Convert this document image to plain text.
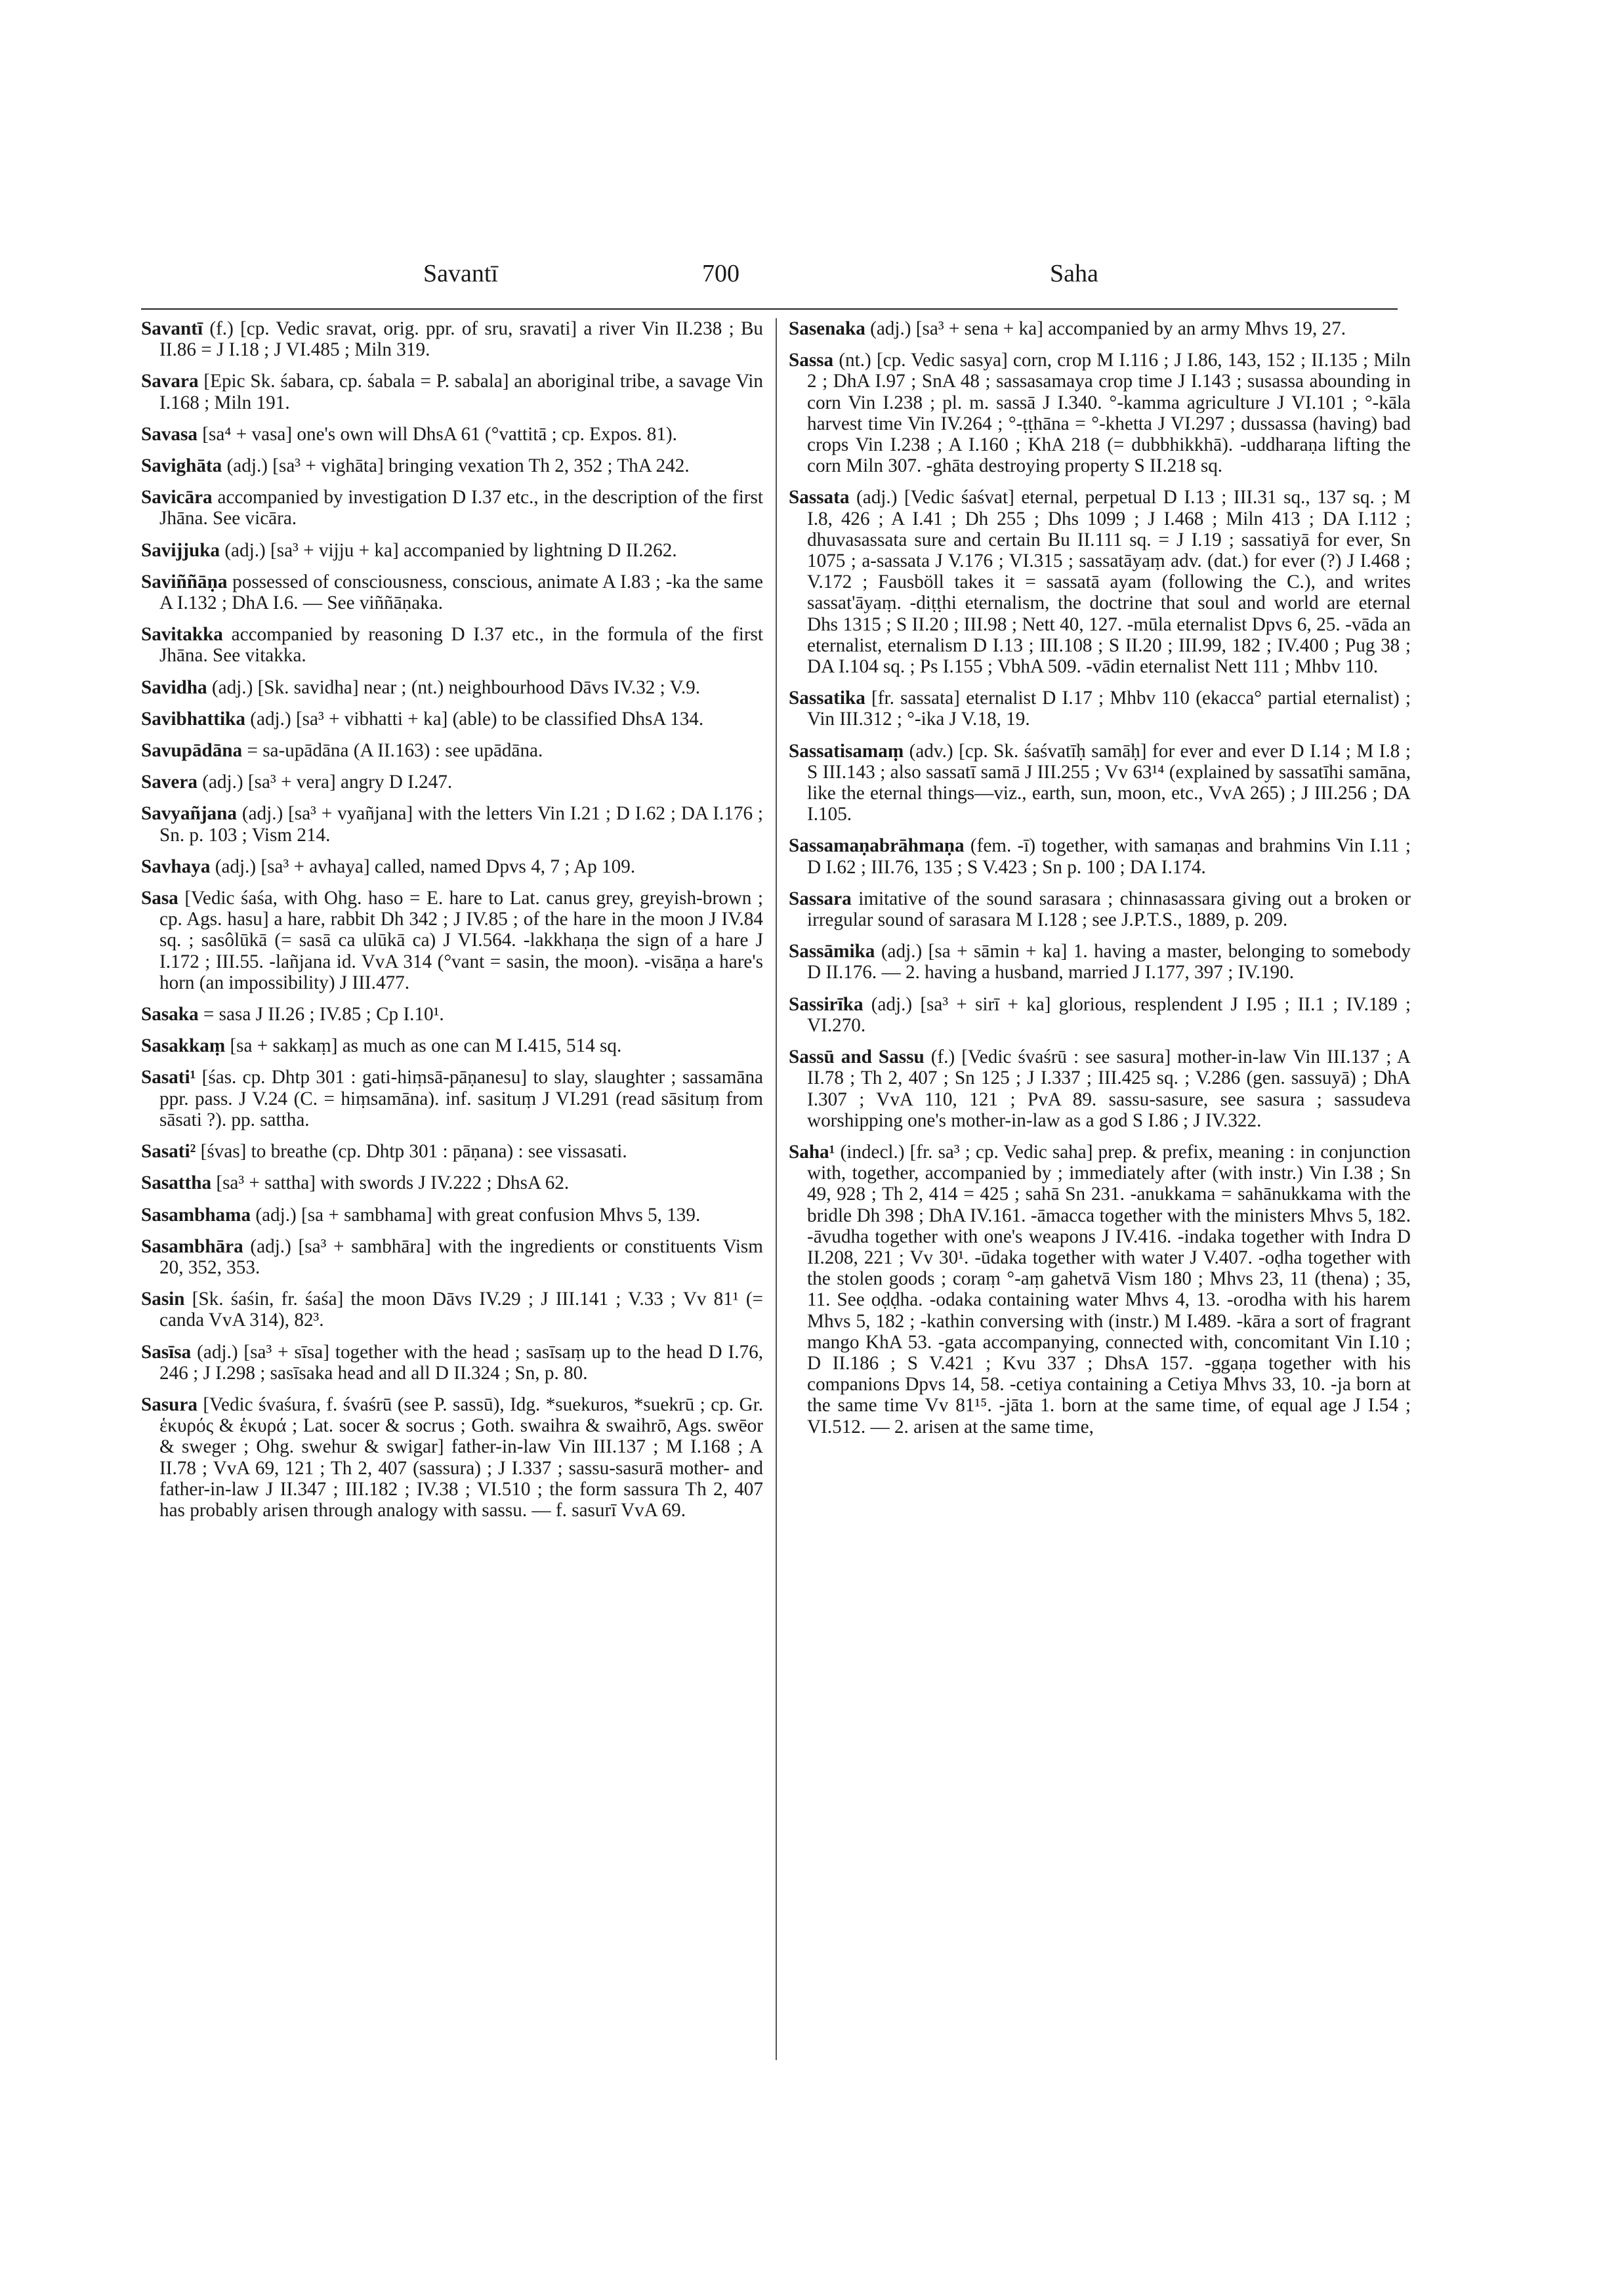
Savantī	700	Saha

Savantī (f.) [cp. Vedic sravat, orig. ppr. of sru, sravati] a river Vin II.238 ; Bu II.86 = J I.18 ; J VI.485 ; Miln 319.

Savara [Epic Sk. śabara, cp. śabala = P. sabala] an aboriginal tribe, a savage Vin I.168 ; Miln 191.

Savasa [sa⁴ + vasa] one's own will DhsA 61 (°vattitā ; cp. Expos. 81).

Savighāta (adj.) [sa³ + vighāta] bringing vexation Th 2, 352 ; ThA 242.

Savicāra accompanied by investigation D I.37 etc., in the description of the first Jhāna. See vicāra.

Savijjuka (adj.) [sa³ + vijju + ka] accompanied by lightning D II.262.

Saviññāṇa possessed of consciousness, conscious, animate A I.83 ; -ka the same A I.132 ; DhA I.6. — See viññāṇaka.

Savitakka accompanied by reasoning D I.37 etc., in the formula of the first Jhāna. See vitakka.

Savidha (adj.) [Sk. savidha] near ; (nt.) neighbourhood Dāvs IV.32 ; V.9.

Savibhattika (adj.) [sa³ + vibhatti + ka] (able) to be classified DhsA 134.

Savupādāna = sa-upādāna (A II.163) : see upādāna.

Savera (adj.) [sa³ + vera] angry D I.247.

Savyañjana (adj.) [sa³ + vyañjana] with the letters Vin I.21 ; D I.62 ; DA I.176 ; Sn. p. 103 ; Vism 214.

Savhaya (adj.) [sa³ + avhaya] called, named Dpvs 4, 7 ; Ap 109.

Sasa [Vedic śaśa, with Ohg. haso = E. hare to Lat. canus grey, greyish-brown ; cp. Ags. hasu] a hare, rabbit Dh 342 ; J IV.85 ; of the hare in the moon J IV.84 sq. ; sasôlūkā (= sasā ca ulūkā ca) J VI.564. -lakkhaṇa the sign of a hare J I.172 ; III.55. -lañjana id. VvA 314 (°vant = sasin, the moon). -visāṇa a hare's horn (an impossibility) J III.477.

Sasaka = sasa J II.26 ; IV.85 ; Cp I.10¹.

Sasakkaṃ [sa + sakkaṃ] as much as one can M I.415, 514 sq.

Sasati¹ [śas. cp. Dhtp 301 : gati-hiṃsā-pāṇanesu] to slay, slaughter ; sassamāna ppr. pass. J V.24 (C. = hiṃsamāna). inf. sasituṃ J VI.291 (read sāsituṃ from sāsati ?). pp. sattha.

Sasati² [śvas] to breathe (cp. Dhtp 301 : pāṇana) : see vissasati.

Sasattha [sa³ + sattha] with swords J IV.222 ; DhsA 62.

Sasambhama (adj.) [sa + sambhama] with great confusion Mhvs 5, 139.

Sasambhāra (adj.) [sa³ + sambhāra] with the ingredients or constituents Vism 20, 352, 353.

Sasin [Sk. śaśin, fr. śaśa] the moon Dāvs IV.29 ; J III.141 ; V.33 ; Vv 81¹ (= canda VvA 314), 82³.

Sasīsa (adj.) [sa³ + sīsa] together with the head ; sasīsaṃ up to the head D I.76, 246 ; J I.298 ; sasīsaka head and all D II.324 ; Sn, p. 80.

Sasura [Vedic śvaśura, f. śvaśrū (see P. sassū), Idg. *suekuros, *suekrū ; cp. Gr. ἑκυρός & ἑκυρά ; Lat. socer & socrus ; Goth. swaihra & swaihrō, Ags. swēor & sweger ; Ohg. swehur & swigar] father-in-law Vin III.137 ; M I.168 ; A II.78 ; VvA 69, 121 ; Th 2, 407 (sassura) ; J I.337 ; sassu-sasurā mother- and father-in-law J II.347 ; III.182 ; IV.38 ; VI.510 ; the form sassura Th 2, 407 has probably arisen through analogy with sassu. — f. sasurī VvA 69.

Sasenaka (adj.) [sa³ + sena + ka] accompanied by an army Mhvs 19, 27.

Sassa (nt.) [cp. Vedic sasya] corn, crop M I.116 ; J I.86, 143, 152 ; II.135 ; Miln 2 ; DhA I.97 ; SnA 48 ; sassasamaya crop time J I.143 ; susassa abounding in corn Vin I.238 ; pl. m. sassā J I.340. °-kamma agriculture J VI.101 ; °-kāla harvest time Vin IV.264 ; °-ṭṭhāna = °-khetta J VI.297 ; dussassa (having) bad crops Vin I.238 ; A I.160 ; KhA 218 (= dubbhikkhā). -uddharaṇa lifting the corn Miln 307. -ghāta destroying property S II.218 sq.

Sassata (adj.) [Vedic śaśvat] eternal, perpetual D I.13 ; III.31 sq., 137 sq. ; M I.8, 426 ; A I.41 ; Dh 255 ; Dhs 1099 ; J I.468 ; Miln 413 ; DA I.112 ; dhuvasassata sure and certain Bu II.111 sq. = J I.19 ; sassatiyā for ever, Sn 1075 ; a-sassata J V.176 ; VI.315 ; sassatāyaṃ adv. (dat.) for ever (?) J I.468 ; V.172 ; Fausböll takes it = sassatā ayam (following the C.), and writes sassat'āyaṃ. -diṭṭhi eternalism, the doctrine that soul and world are eternal Dhs 1315 ; S II.20 ; III.98 ; Nett 40, 127. -mūla eternalist Dpvs 6, 25. -vāda an eternalist, eternalism D I.13 ; III.108 ; S II.20 ; III.99, 182 ; IV.400 ; Pug 38 ; DA I.104 sq. ; Ps I.155 ; VbhA 509. -vādin eternalist Nett 111 ; Mhbv 110.

Sassatika [fr. sassata] eternalist D I.17 ; Mhbv 110 (ekacca° partial eternalist) ; Vin III.312 ; °-ika J V.18, 19.

Sassatisamaṃ (adv.) [cp. Sk. śaśvatīḥ samāḥ] for ever and ever D I.14 ; M I.8 ; S III.143 ; also sassatī samā J III.255 ; Vv 63¹⁴ (explained by sassatīhi samāna, like the eternal things—viz., earth, sun, moon, etc., VvA 265) ; J III.256 ; DA I.105.

Sassamaṇabrāhmaṇa (fem. -ī) together, with samaṇas and brahmins Vin I.11 ; D I.62 ; III.76, 135 ; S V.423 ; Sn p. 100 ; DA I.174.

Sassara imitative of the sound sarasara ; chinnasassara giving out a broken or irregular sound of sarasara M I.128 ; see J.P.T.S., 1889, p. 209.

Sassāmika (adj.) [sa + sāmin + ka] 1. having a master, belonging to somebody D II.176. — 2. having a husband, married J I.177, 397 ; IV.190.

Sassirīka (adj.) [sa³ + sirī + ka] glorious, resplendent J I.95 ; II.1 ; IV.189 ; VI.270.

Sassū and Sassu (f.) [Vedic śvaśrū : see sasura] mother-in-law Vin III.137 ; A II.78 ; Th 2, 407 ; Sn 125 ; J I.337 ; III.425 sq. ; V.286 (gen. sassuyā) ; DhA I.307 ; VvA 110, 121 ; PvA 89. sassu-sasure, see sasura ; sassudeva worshipping one's mother-in-law as a god S I.86 ; J IV.322.

Saha¹ (indecl.) [fr. sa³ ; cp. Vedic saha] prep. & prefix, meaning : in conjunction with, together, accompanied by ; immediately after (with instr.) Vin I.38 ; Sn 49, 928 ; Th 2, 414 = 425 ; sahā Sn 231. -anukkama = sahānukkama with the bridle Dh 398 ; DhA IV.161. -āmacca together with the ministers Mhvs 5, 182. -āvudha together with one's weapons J IV.416. -indaka together with Indra D II.208, 221 ; Vv 30¹. -ūdaka together with water J V.407. -oḍha together with the stolen goods ; coraṃ °-aṃ gahetvā Vism 180 ; Mhvs 23, 11 (thena) ; 35, 11. See oḍḍha. -odaka containing water Mhvs 4, 13. -orodha with his harem Mhvs 5, 182 ; -kathin conversing with (instr.) M I.489. -kāra a sort of fragrant mango KhA 53. -gata accompanying, connected with, concomitant Vin I.10 ; D II.186 ; S V.421 ; Kvu 337 ; DhsA 157. -ggaṇa together with his companions Dpvs 14, 58. -cetiya containing a Cetiya Mhvs 33, 10. -ja born at the same time Vv 81¹⁵. -jāta 1. born at the same time, of equal age J I.54 ; VI.512. — 2. arisen at the same time,
